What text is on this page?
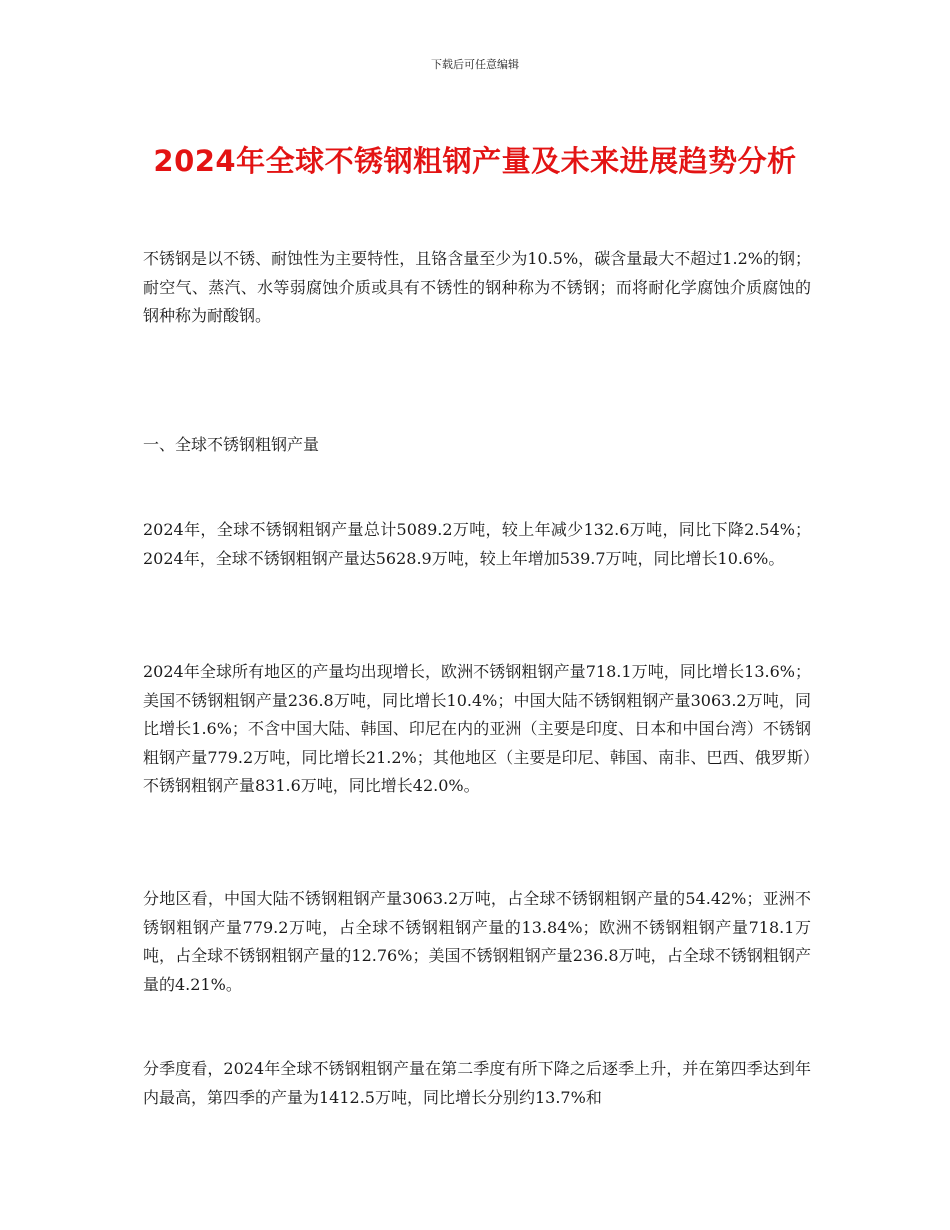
下载后可任意编辑
2024年全球不锈钢粗钢产量及未来进展趋势分析
不锈钢是以不锈、耐蚀性为主要特性，且铬含量至少为10.5%，碳含量最大不超过1.2%的钢；耐空气、蒸汽、水等弱腐蚀介质或具有不锈性的钢种称为不锈钢；而将耐化学腐蚀介质腐蚀的钢种称为耐酸钢。
一、全球不锈钢粗钢产量
2024年，全球不锈钢粗钢产量总计5089.2万吨，较上年减少132.6万吨，同比下降2.54%；2024年，全球不锈钢粗钢产量达5628.9万吨，较上年增加539.7万吨，同比增长10.6%。
2024年全球所有地区的产量均出现增长，欧洲不锈钢粗钢产量718.1万吨，同比增长13.6%；美国不锈钢粗钢产量236.8万吨，同比增长10.4%；中国大陆不锈钢粗钢产量3063.2万吨，同比增长1.6%；不含中国大陆、韩国、印尼在内的亚洲（主要是印度、日本和中国台湾）不锈钢粗钢产量779.2万吨，同比增长21.2%；其他地区（主要是印尼、韩国、南非、巴西、俄罗斯）不锈钢粗钢产量831.6万吨，同比增长42.0%。
分地区看，中国大陆不锈钢粗钢产量3063.2万吨，占全球不锈钢粗钢产量的54.42%；亚洲不锈钢粗钢产量779.2万吨，占全球不锈钢粗钢产量的13.84%；欧洲不锈钢粗钢产量718.1万吨，占全球不锈钢粗钢产量的12.76%；美国不锈钢粗钢产量236.8万吨，占全球不锈钢粗钢产量的4.21%。
分季度看，2024年全球不锈钢粗钢产量在第二季度有所下降之后逐季上升，并在第四季达到年内最高，第四季的产量为1412.5万吨，同比增长分别约13.7%和
